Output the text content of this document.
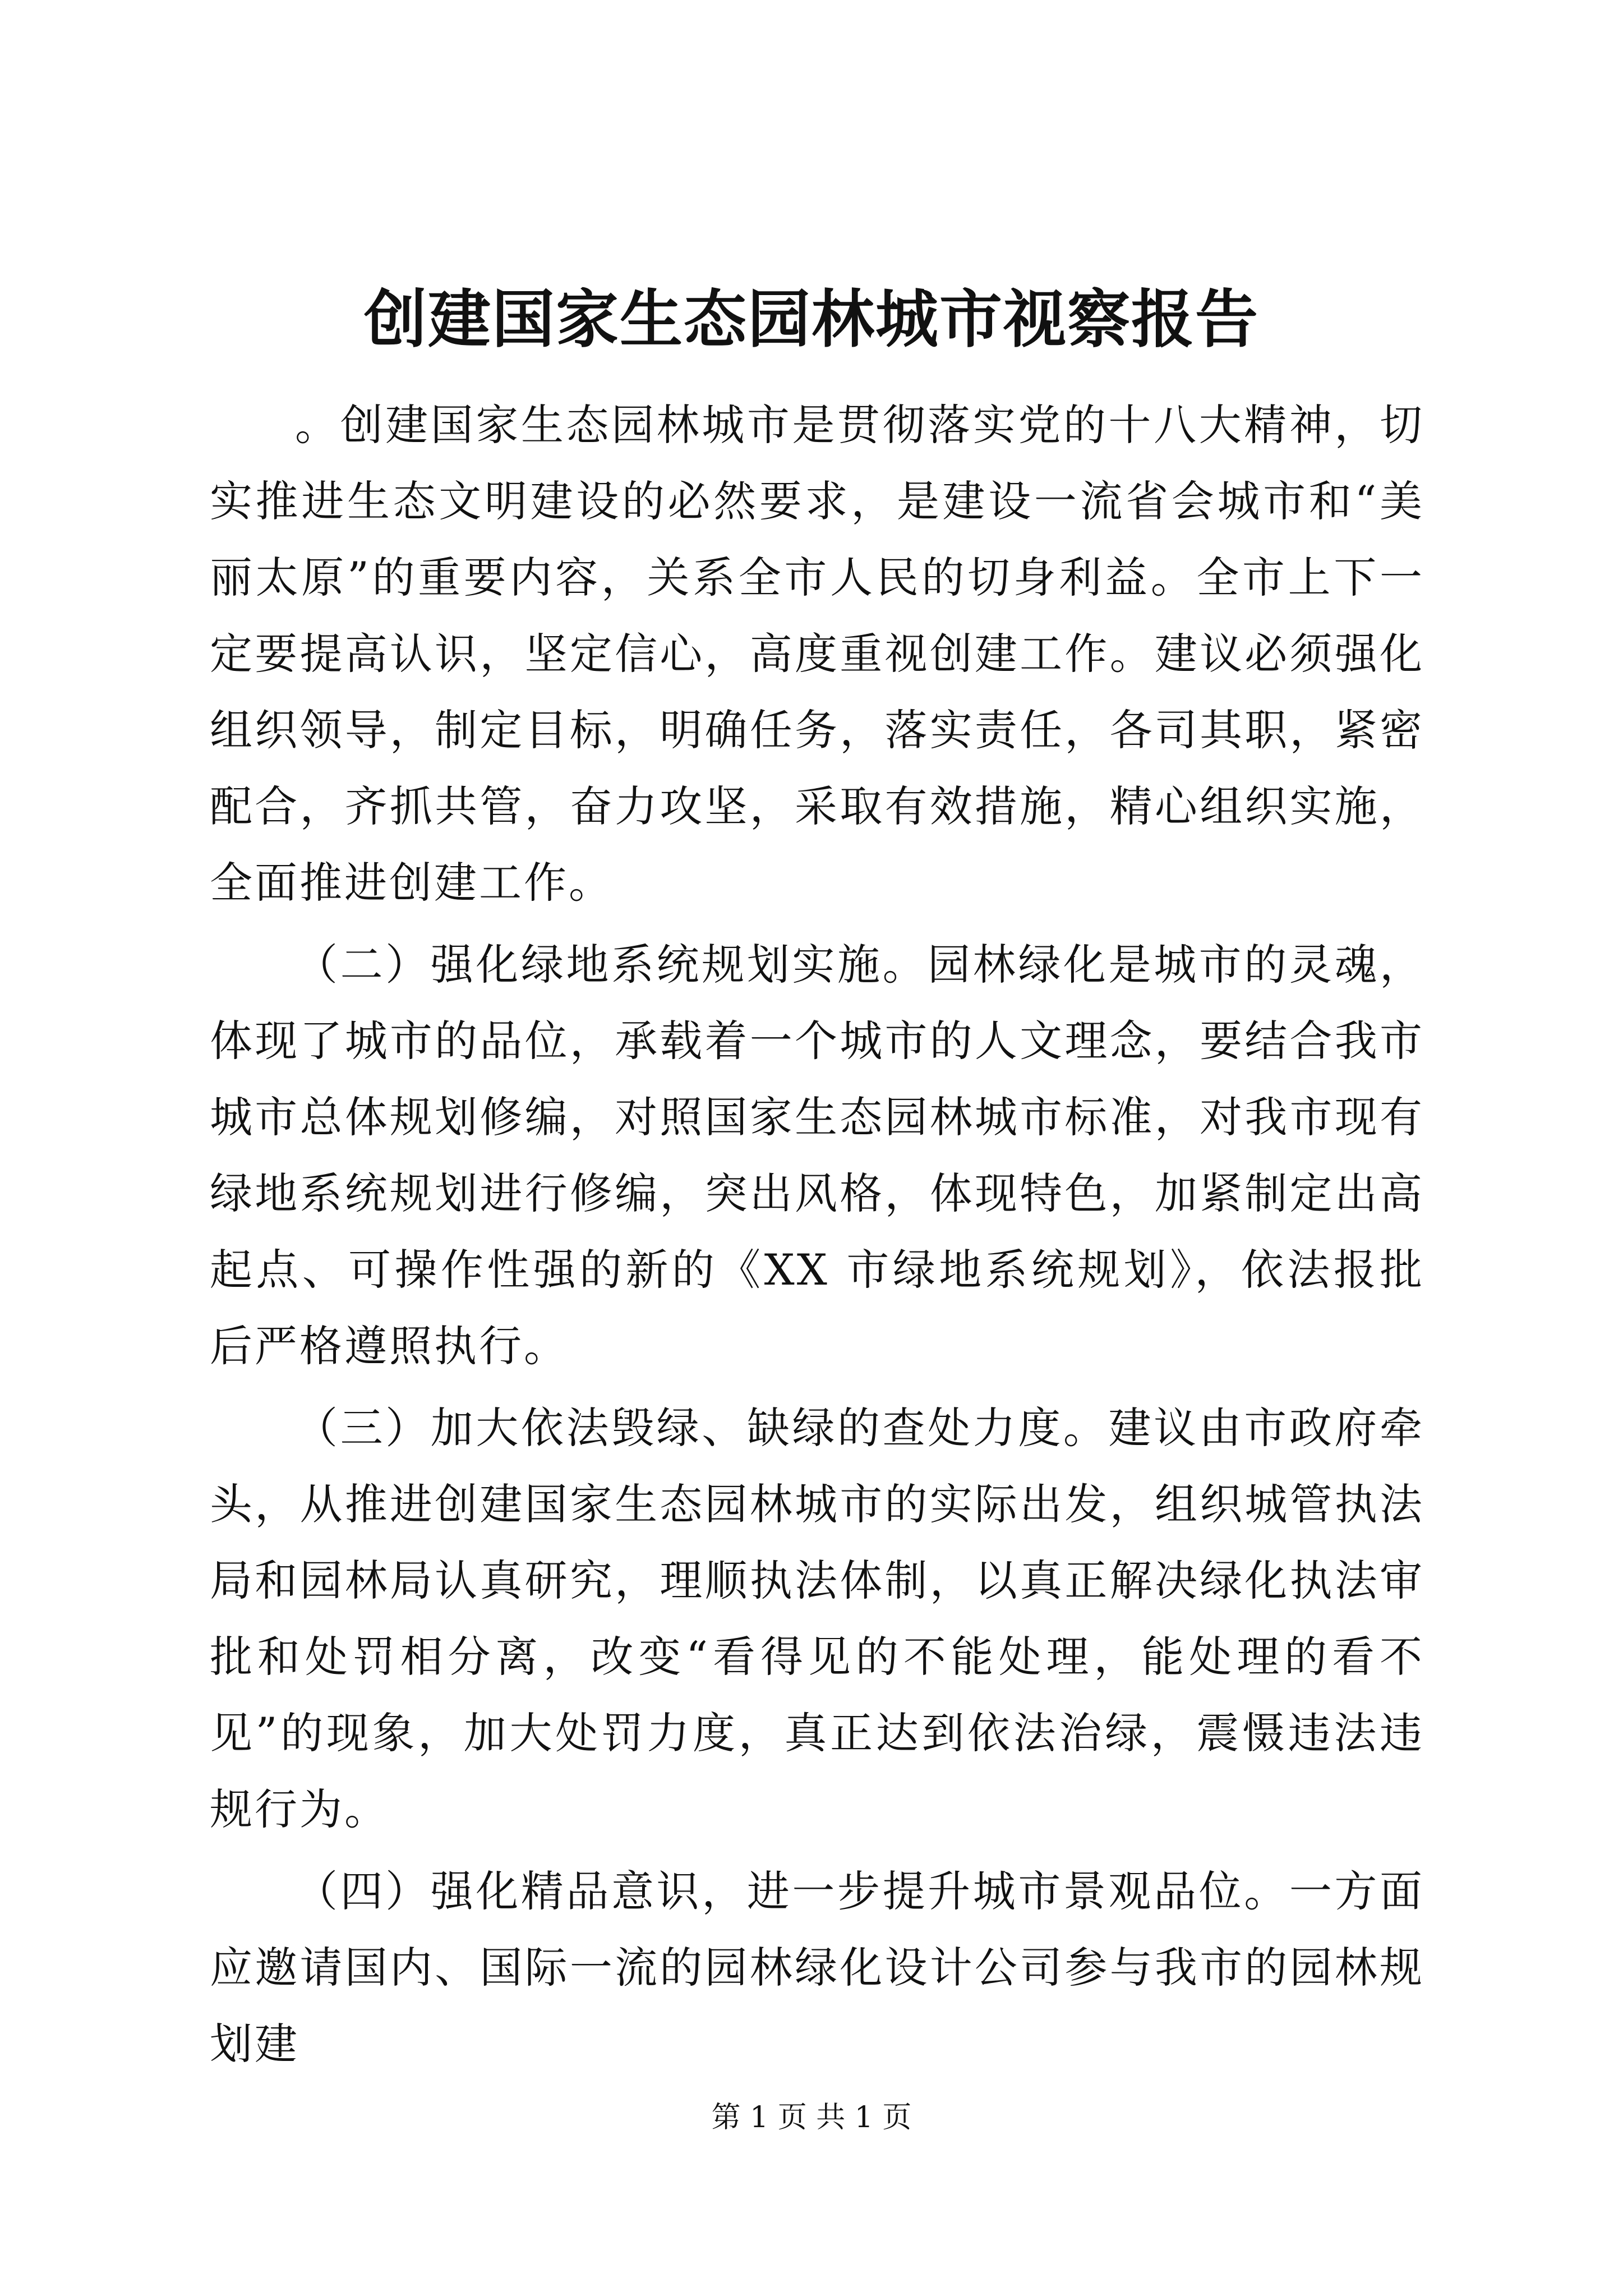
创建国家生态园林城市视察报告

。创建国家生态园林城市是贯彻落实党的十八大精神，切实推进生态文明建设的必然要求，是建设一流省会城市和“美丽太原”的重要内容，关系全市人民的切身利益。全市上下一定要提高认识，坚定信心，高度重视创建工作。建议必须强化组织领导，制定目标，明确任务，落实责任，各司其职，紧密配合，齐抓共管，奋力攻坚，采取有效措施，精心组织实施，全面推进创建工作。

（二）强化绿地系统规划实施。园林绿化是城市的灵魂，体现了城市的品位，承载着一个城市的人文理念，要结合我市城市总体规划修编，对照国家生态园林城市标准，对我市现有绿地系统规划进行修编，突出风格，体现特色，加紧制定出高起点、可操作性强的新的《XX 市绿地系统规划》，依法报批后严格遵照执行。

（三）加大依法毁绿、缺绿的查处力度。建议由市政府牵头，从推进创建国家生态园林城市的实际出发，组织城管执法局和园林局认真研究，理顺执法体制，以真正解决绿化执法审批和处罚相分离，改变“看得见的不能处理，能处理的看不见”的现象，加大处罚力度，真正达到依法治绿，震慑违法违规行为。

（四）强化精品意识，进一步提升城市景观品位。一方面应邀请国内、国际一流的园林绿化设计公司参与我市的园林规划建

第 1 页 共 1 页
